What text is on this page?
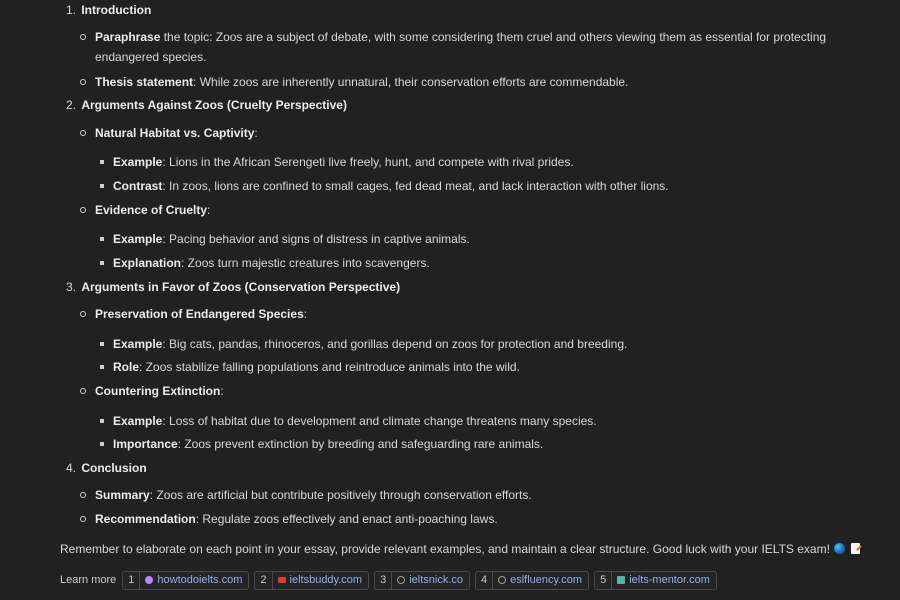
1. Introduction
Paraphrase the topic: Zoos are a subject of debate, with some considering them cruel and others viewing them as essential for protecting
endangered species.
Thesis statement: While zoos are inherently unnatural, their conservation efforts are commendable.
2. Arguments Against Zoos (Cruelty Perspective)
Natural Habitat vs. Captivity:
Example: Lions in the African Serengeti live freely, hunt, and compete with rival prides.
Contrast: In zoos, lions are confined to small cages, fed dead meat, and lack interaction with other lions.
Evidence of Cruelty:
Example: Pacing behavior and signs of distress in captive animals.
Explanation: Zoos turn majestic creatures into scavengers.
3. Arguments in Favor of Zoos (Conservation Perspective)
Preservation of Endangered Species:
Example: Big cats, pandas, rhinoceros, and gorillas depend on zoos for protection and breeding.
Role: Zoos stabilize falling populations and reintroduce animals into the wild.
Countering Extinction:
Example: Loss of habitat due to development and climate change threatens many species.
Importance: Zoos prevent extinction by breeding and safeguarding rare animals.
4. Conclusion
Summary: Zoos are artificial but contribute positively through conservation efforts.
Recommendation: Regulate zoos effectively and enact anti-poaching laws.
Remember to elaborate on each point in your essay, provide relevant examples, and maintain a clear structure. Good luck with your IELTS exam!
Learn more	1	howtodoielts.com	2	ieltsbuddy.com	3	ieltsnick.co	4	eslfluency.com	5	ielts-mentor.com
